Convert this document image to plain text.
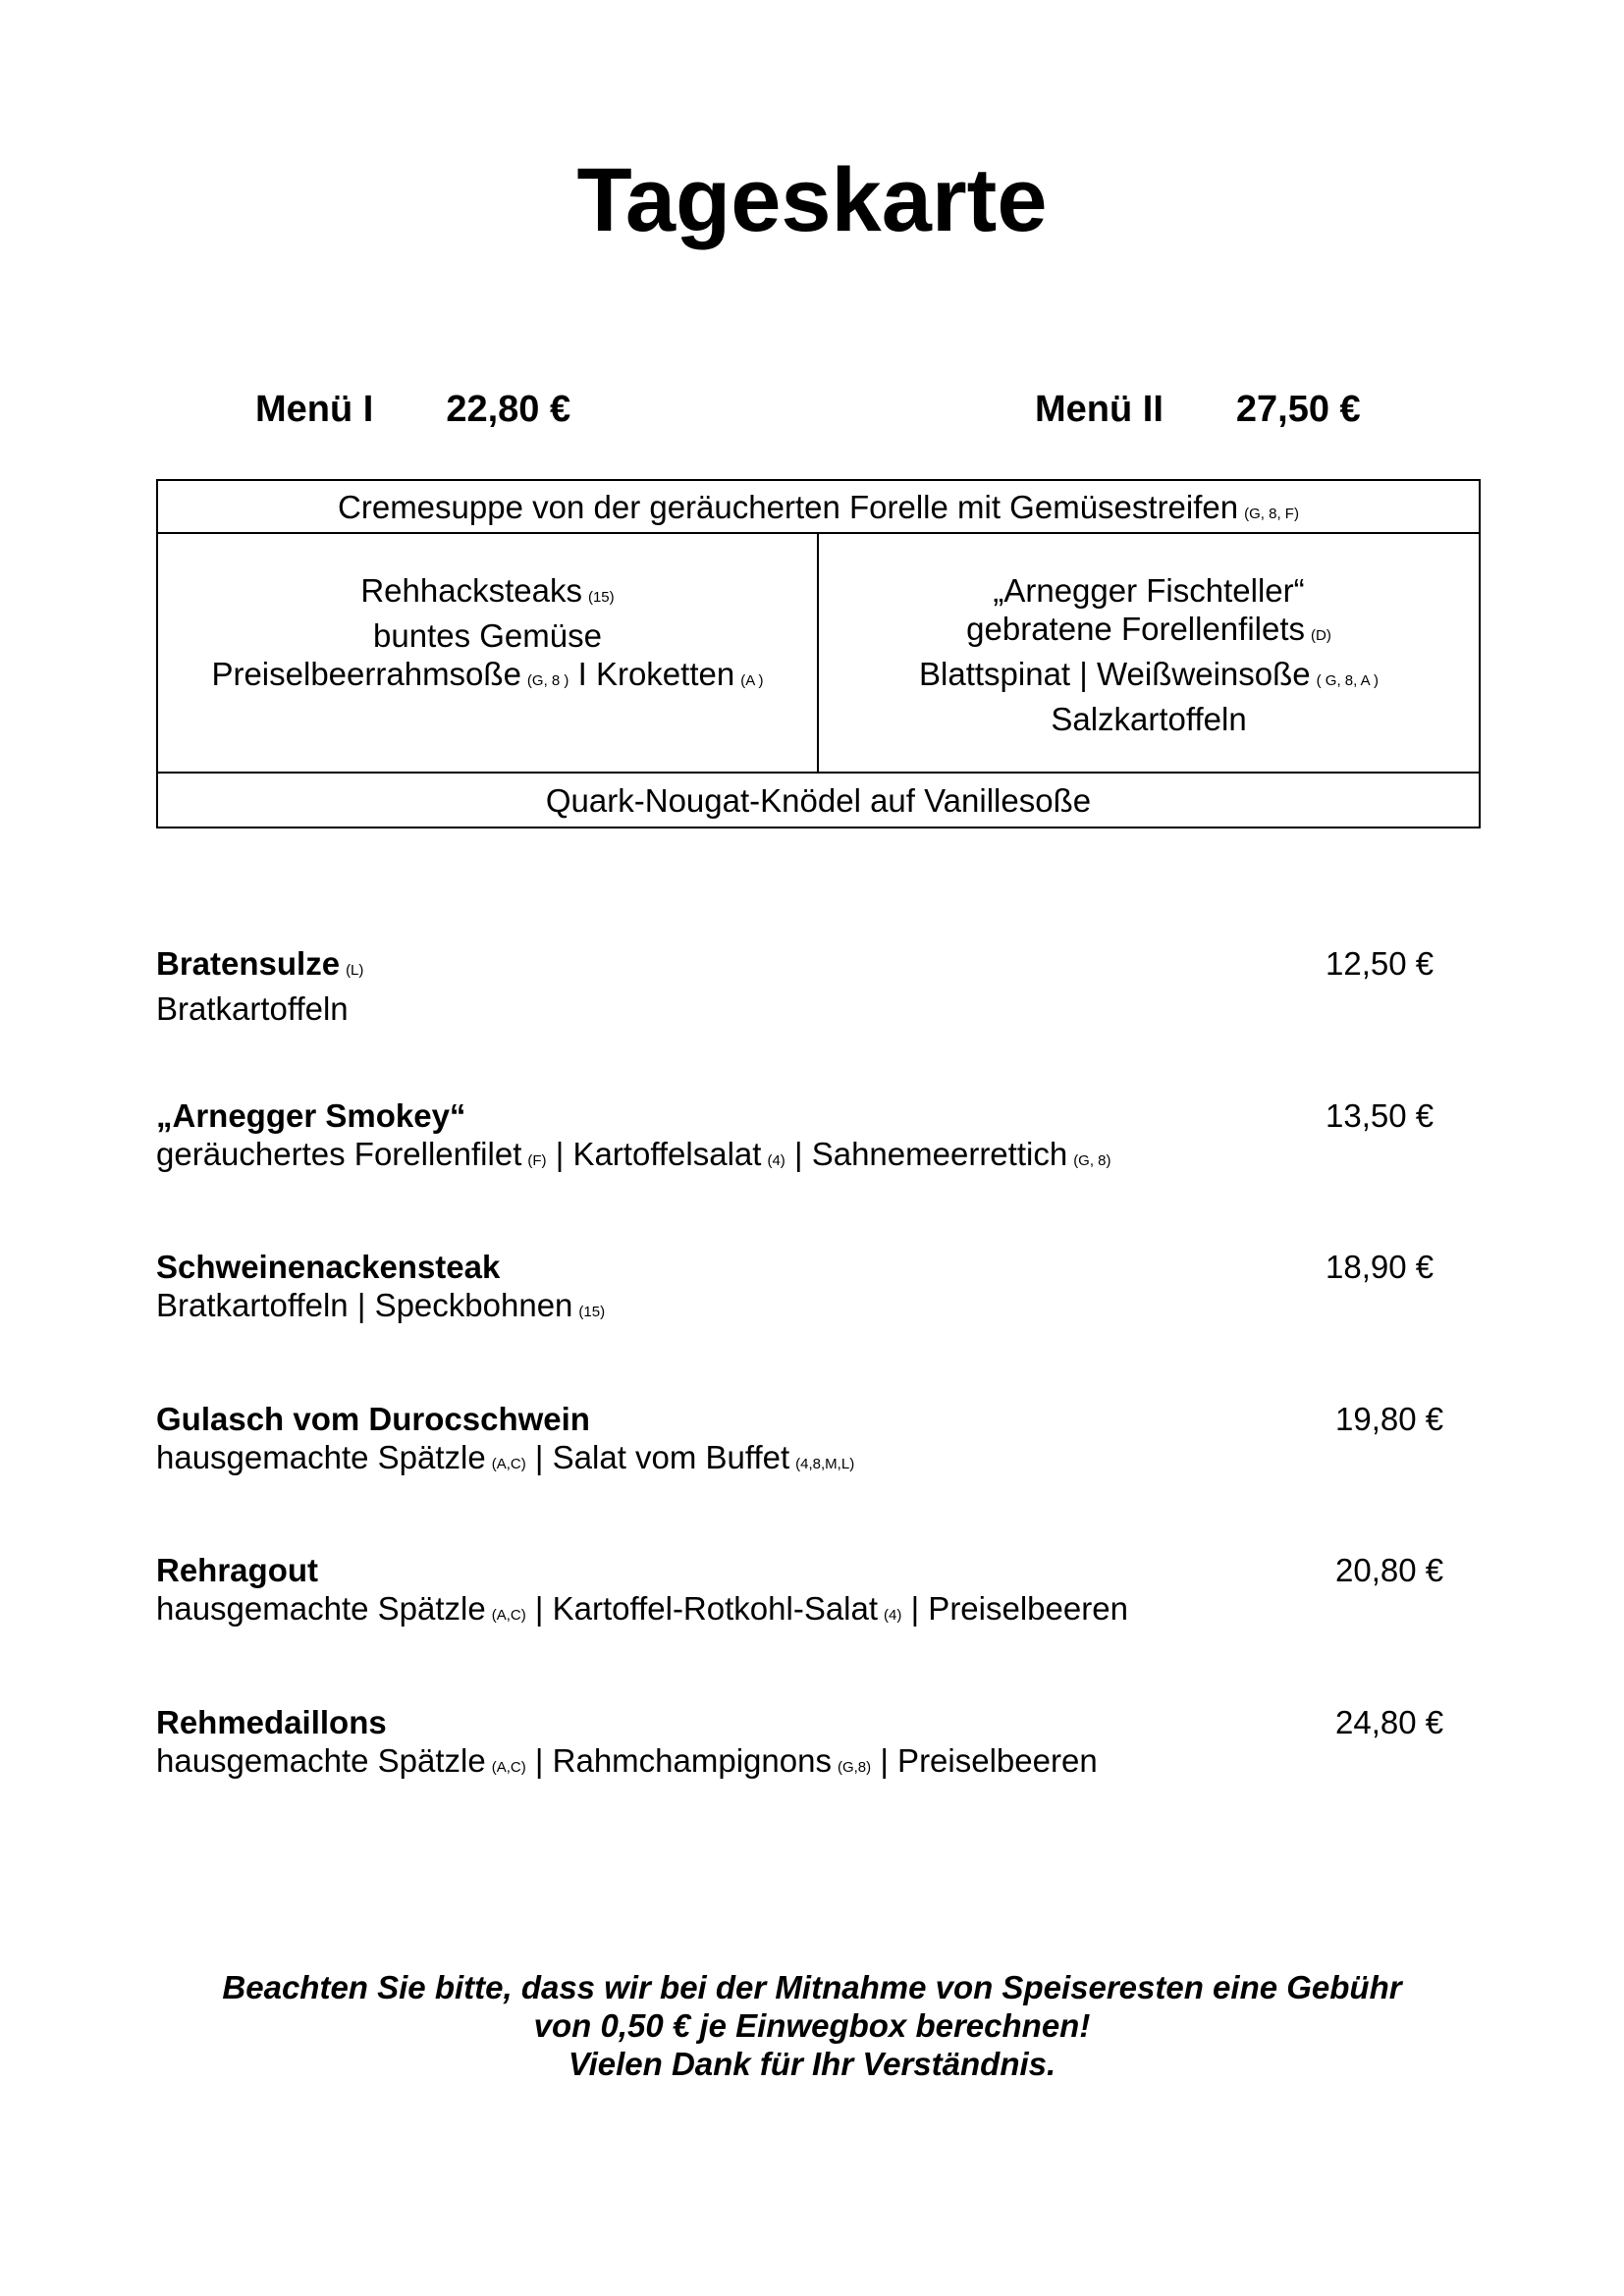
Tageskarte
Menü I 22,80 €	Menü II 27,50 €
Cremesuppe von der geräucherten Forelle mit Gemüsestreifen (G, 8, F)
Rehhacksteaks (15)
buntes Gemüse
Preiselbeerrahmsoße (G, 8 ) I Kroketten (A )
„Arnegger Fischteller“
gebratene Forellenfilets (D)
Blattspinat | Weißweinsoße ( G, 8, A )
Salzkartoffeln
Quark-Nougat-Knödel auf Vanillesoße
Bratensulze (L)
Bratkartoffeln
12,50 €
„Arnegger Smokey“
geräuchertes Forellenfilet (F) | Kartoffelsalat (4) | Sahnemeerrettich (G, 8)
13,50 €
Schweinenackensteak
Bratkartoffeln | Speckbohnen (15)
18,90 €
Gulasch vom Durocschwein
hausgemachte Spätzle (A,C) | Salat vom Buffet (4,8,M,L)
19,80 €
Rehragout
hausgemachte Spätzle (A,C) | Kartoffel-Rotkohl-Salat (4) | Preiselbeeren
20,80 €
Rehmedaillons
hausgemachte Spätzle (A,C) | Rahmchampignons (G,8) | Preiselbeeren
24,80 €
Beachten Sie bitte, dass wir bei der Mitnahme von Speiseresten eine Gebühr
von 0,50 € je Einwegbox berechnen!
Vielen Dank für Ihr Verständnis.
